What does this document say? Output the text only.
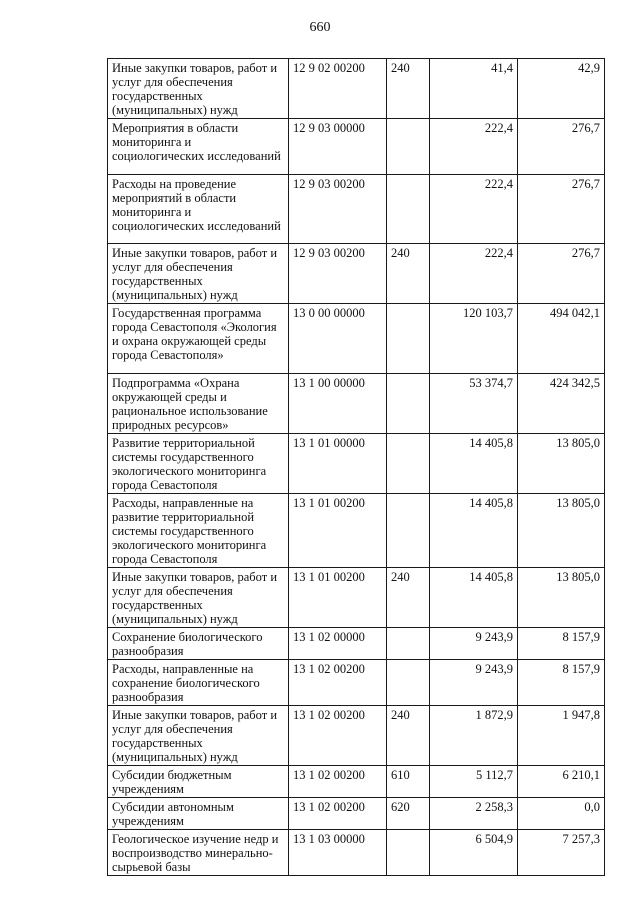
660
Иные закупки товаров, работ и услуг для обеспечения государственных (муниципальных) нужд	12 9 02 00200	240	41,4	42,9
Мероприятия в области мониторинга и социологических исследований	12 9 03 00000		222,4	276,7
Расходы на проведение мероприятий в области мониторинга и социологических исследований	12 9 03 00200		222,4	276,7
Иные закупки товаров, работ и услуг для обеспечения государственных (муниципальных) нужд	12 9 03 00200	240	222,4	276,7
Государственная программа города Севастополя «Экология и охрана окружающей среды города Севастополя»	13 0 00 00000		120 103,7	494 042,1
Подпрограмма «Охрана окружающей среды и рациональное использование природных ресурсов»	13 1 00 00000		53 374,7	424 342,5
Развитие территориальной системы государственного экологического мониторинга города Севастополя	13 1 01 00000		14 405,8	13 805,0
Расходы, направленные на развитие территориальной системы государственного экологического мониторинга города Севастополя	13 1 01 00200		14 405,8	13 805,0
Иные закупки товаров, работ и услуг для обеспечения государственных (муниципальных) нужд	13 1 01 00200	240	14 405,8	13 805,0
Сохранение биологического разнообразия	13 1 02 00000		9 243,9	8 157,9
Расходы, направленные на сохранение биологического разнообразия	13 1 02 00200		9 243,9	8 157,9
Иные закупки товаров, работ и услуг для обеспечения государственных (муниципальных) нужд	13 1 02 00200	240	1 872,9	1 947,8
Субсидии бюджетным учреждениям	13 1 02 00200	610	5 112,7	6 210,1
Субсидии автономным учреждениям	13 1 02 00200	620	2 258,3	0,0
Геологическое изучение недр и воспроизводство минерально-сырьевой базы	13 1 03 00000		6 504,9	7 257,3
